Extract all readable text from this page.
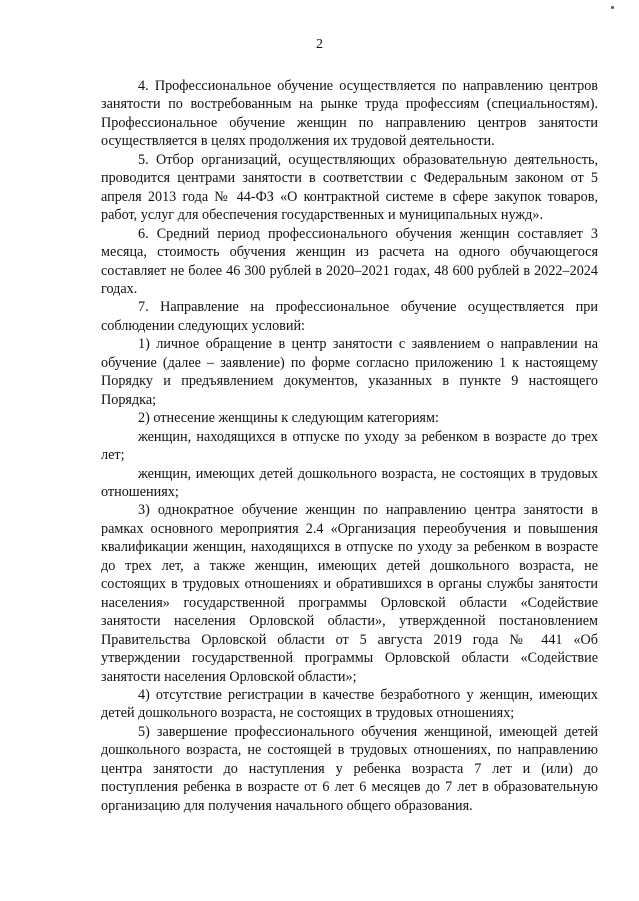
2

4. Профессиональное обучение осуществляется по направлению центров занятости по востребованным на рынке труда профессиям (специальностям). Профессиональное обучение женщин по направлению центров занятости осуществляется в целях продолжения их трудовой деятельности.

5. Отбор организаций, осуществляющих образовательную деятельность, проводится центрами занятости в соответствии с Федеральным законом от 5 апреля 2013 года № 44-ФЗ «О контрактной системе в сфере закупок товаров, работ, услуг для обеспечения государственных и муниципальных нужд».

6. Средний период профессионального обучения женщин составляет 3 месяца, стоимость обучения женщин из расчета на одного обучающегося составляет не более 46 300 рублей в 2020–2021 годах, 48 600 рублей в 2022–2024 годах.

7. Направление на профессиональное обучение осуществляется при соблюдении следующих условий:

1) личное обращение в центр занятости с заявлением о направлении на обучение (далее – заявление) по форме согласно приложению 1 к настоящему Порядку и предъявлением документов, указанных в пункте 9 настоящего Порядка;

2) отнесение женщины к следующим категориям:

женщин, находящихся в отпуске по уходу за ребенком в возрасте до трех лет;

женщин, имеющих детей дошкольного возраста, не состоящих в трудовых отношениях;

3) однократное обучение женщин по направлению центра занятости в рамках основного мероприятия 2.4 «Организация переобучения и повышения квалификации женщин, находящихся в отпуске по уходу за ребенком в возрасте до трех лет, а также женщин, имеющих детей дошкольного возраста, не состоящих в трудовых отношениях и обратившихся в органы службы занятости населения» государственной программы Орловской области «Содействие занятости населения Орловской области», утвержденной постановлением Правительства Орловской области от 5 августа 2019 года № 441 «Об утверждении государственной программы Орловской области «Содействие занятости населения Орловской области»;

4) отсутствие регистрации в качестве безработного у женщин, имеющих детей дошкольного возраста, не состоящих в трудовых отношениях;

5) завершение профессионального обучения женщиной, имеющей детей дошкольного возраста, не состоящей в трудовых отношениях, по направлению центра занятости до наступления у ребенка возраста 7 лет и (или) до поступления ребенка в возрасте от 6 лет 6 месяцев до 7 лет в образовательную организацию для получения начального общего образования.
